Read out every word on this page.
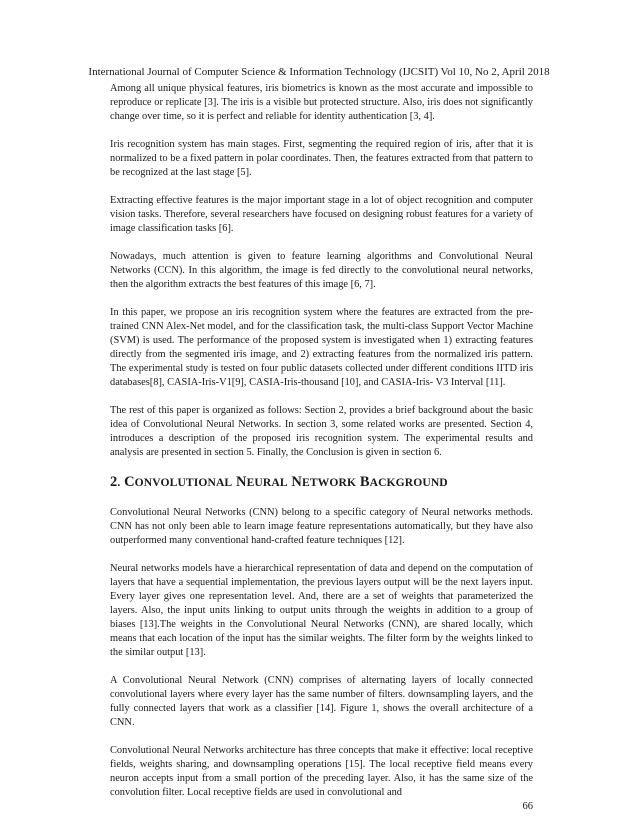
International Journal of Computer Science & Information Technology (IJCSIT) Vol 10, No 2, April 2018

Among all unique physical features, iris biometrics is known as the most accurate and impossible to reproduce or replicate [3]. The iris is a visible but protected structure. Also, iris does not significantly change over time, so it is perfect and reliable for identity authentication [3, 4].

Iris recognition system has main stages. First, segmenting the required region of iris, after that it is normalized to be a fixed pattern in polar coordinates. Then, the features extracted from that pattern to be recognized at the last stage [5].

Extracting effective features is the major important stage in a lot of object recognition and computer vision tasks. Therefore, several researchers have focused on designing robust features for a variety of image classification tasks [6].

Nowadays, much attention is given to feature learning algorithms and Convolutional Neural Networks (CCN). In this algorithm, the image is fed directly to the convolutional neural networks, then the algorithm extracts the best features of this image [6, 7].

In this paper, we propose an iris recognition system where the features are extracted from the pre-trained CNN Alex-Net model, and for the classification task, the multi-class Support Vector Machine (SVM) is used. The performance of the proposed system is investigated when 1) extracting features directly from the segmented iris image, and 2) extracting features from the normalized iris pattern. The experimental study is tested on four public datasets collected under different conditions IITD iris databases[8], CASIA-Iris-V1[9], CASIA-Iris-thousand [10], and CASIA-Iris- V3 Interval [11].

The rest of this paper is organized as follows: Section 2, provides a brief background about the basic idea of Convolutional Neural Networks. In section 3, some related works are presented. Section 4, introduces a description of the proposed iris recognition system. The experimental results and analysis are presented in section 5. Finally, the Conclusion is given in section 6.

2. CONVOLUTIONAL NEURAL NETWORK BACKGROUND

Convolutional Neural Networks (CNN) belong to a specific category of Neural networks methods. CNN has not only been able to learn image feature representations automatically, but they have also outperformed many conventional hand-crafted feature techniques [12].

Neural networks models have a hierarchical representation of data and depend on the computation of layers that have a sequential implementation, the previous layers output will be the next layers input. Every layer gives one representation level. And, there are a set of weights that parameterized the layers. Also, the input units linking to output units through the weights in addition to a group of biases [13].The weights in the Convolutional Neural Networks (CNN), are shared locally, which means that each location of the input has the similar weights. The filter form by the weights linked to the similar output [13].

A Convolutional Neural Network (CNN) comprises of alternating layers of locally connected convolutional layers where every layer has the same number of filters. downsampling layers, and the fully connected layers that work as a classifier [14]. Figure 1, shows the overall architecture of a CNN.

Convolutional Neural Networks architecture has three concepts that make it effective: local receptive fields, weights sharing, and downsampling operations [15]. The local receptive field means every neuron accepts input from a small portion of the preceding layer. Also, it has the same size of the convolution filter. Local receptive fields are used in convolutional and

66
